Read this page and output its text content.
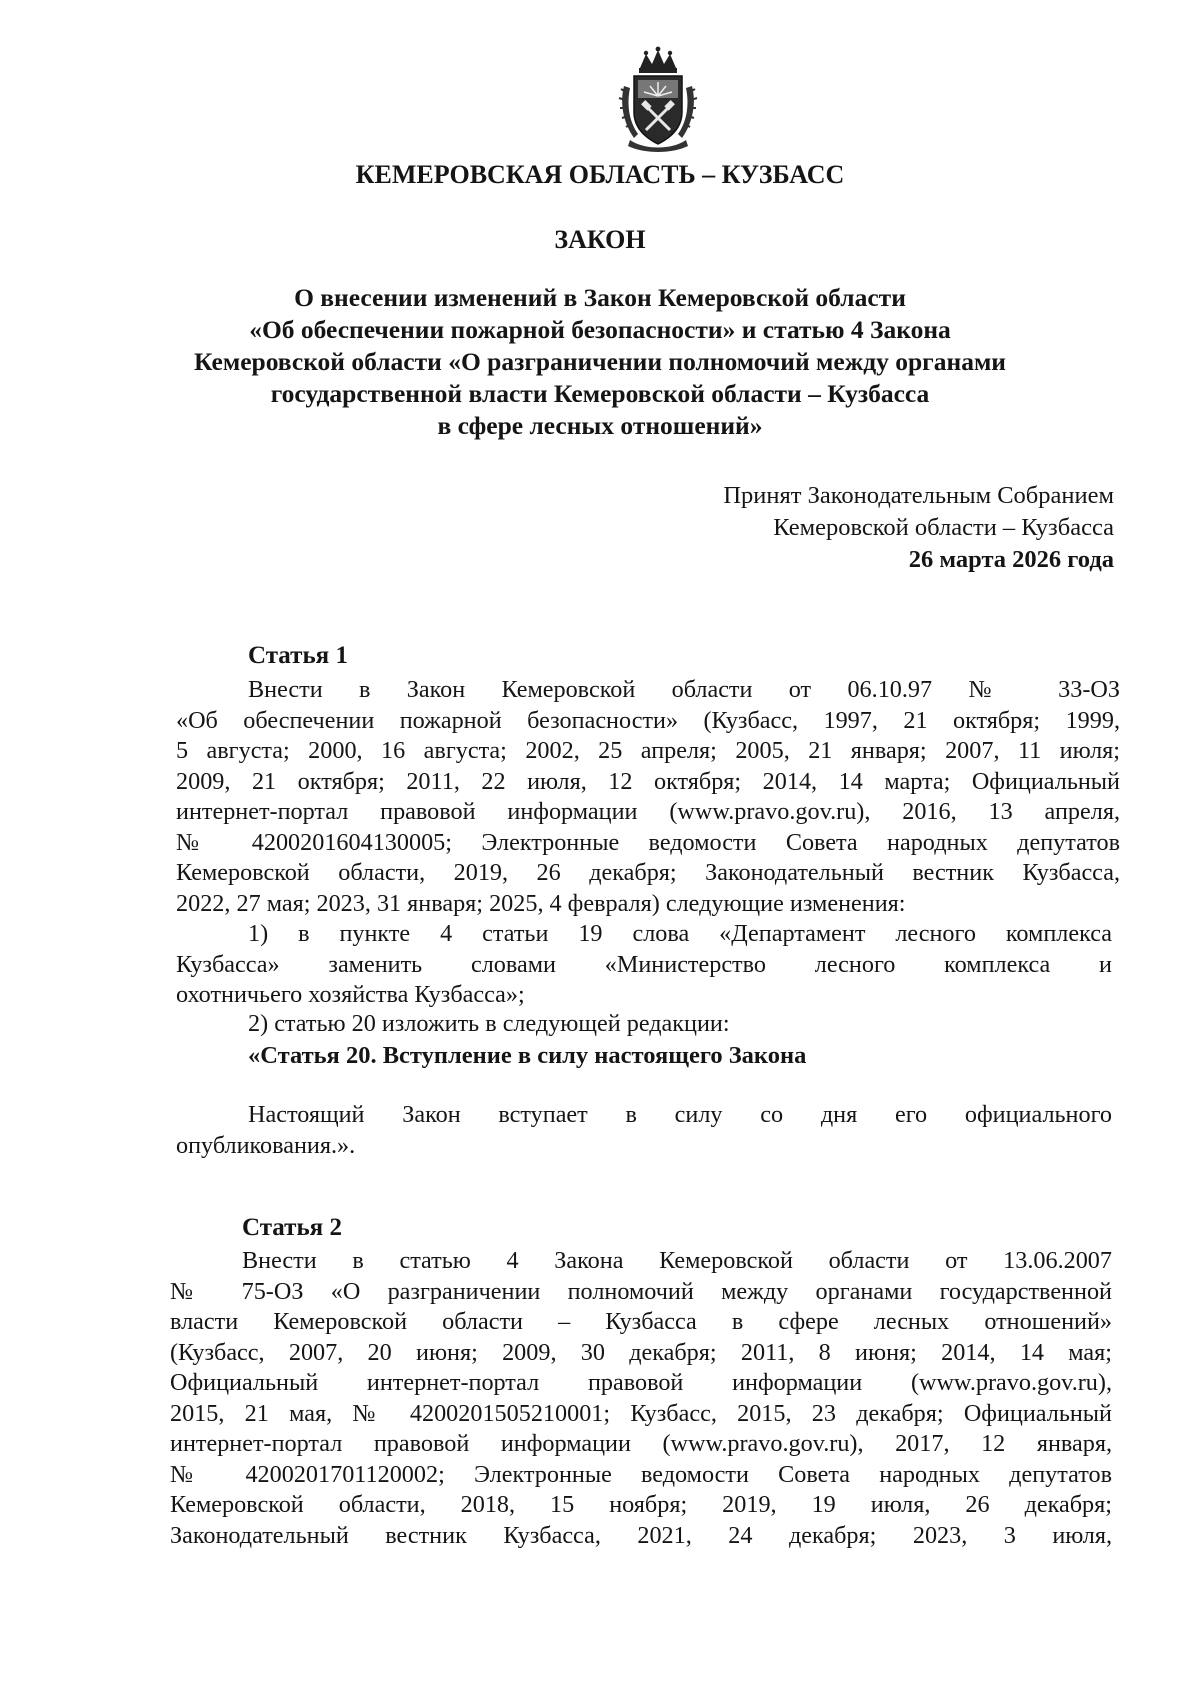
КЕМЕРОВСКАЯ ОБЛАСТЬ – КУЗБАСС
ЗАКОН
О внесении изменений в Закон Кемеровской области
«Об обеспечении пожарной безопасности» и статью 4 Закона
Кемеровской области «О разграничении полномочий между органами
государственной власти Кемеровской области – Кузбасса
в сфере лесных отношений»
Принят Законодательным Собранием
Кемеровской области – Кузбасса
26 марта 2026 года
Статья 1
Внести в Закон Кемеровской области от 06.10.97 № 33-ОЗ
«Об обеспечении пожарной безопасности» (Кузбасс, 1997, 21 октября; 1999,
5 августа; 2000, 16 августа; 2002, 25 апреля; 2005, 21 января; 2007, 11 июля;
2009, 21 октября; 2011, 22 июля, 12 октября; 2014, 14 марта; Официальный
интернет-портал правовой информации (www.pravo.gov.ru), 2016, 13 апреля,
№ 4200201604130005; Электронные ведомости Совета народных депутатов
Кемеровской области, 2019, 26 декабря; Законодательный вестник Кузбасса,
2022, 27 мая; 2023, 31 января; 2025, 4 февраля) следующие изменения:
1) в пункте 4 статьи 19 слова «Департамент лесного комплекса
Кузбасса» заменить словами «Министерство лесного комплекса и
охотничьего хозяйства Кузбасса»;
2) статью 20 изложить в следующей редакции:
«Статья 20. Вступление в силу настоящего Закона
Настоящий Закон вступает в силу со дня его официального
опубликования.».
Статья 2
Внести в статью 4 Закона Кемеровской области от 13.06.2007
№ 75-ОЗ «О разграничении полномочий между органами государственной
власти Кемеровской области – Кузбасса в сфере лесных отношений»
(Кузбасс, 2007, 20 июня; 2009, 30 декабря; 2011, 8 июня; 2014, 14 мая;
Официальный интернет-портал правовой информации (www.pravo.gov.ru),
2015, 21 мая, № 4200201505210001; Кузбасс, 2015, 23 декабря; Официальный
интернет-портал правовой информации (www.pravo.gov.ru), 2017, 12 января,
№ 4200201701120002; Электронные ведомости Совета народных депутатов
Кемеровской области, 2018, 15 ноября; 2019, 19 июля, 26 декабря;
Законодательный вестник Кузбасса, 2021, 24 декабря; 2023, 3 июля,
